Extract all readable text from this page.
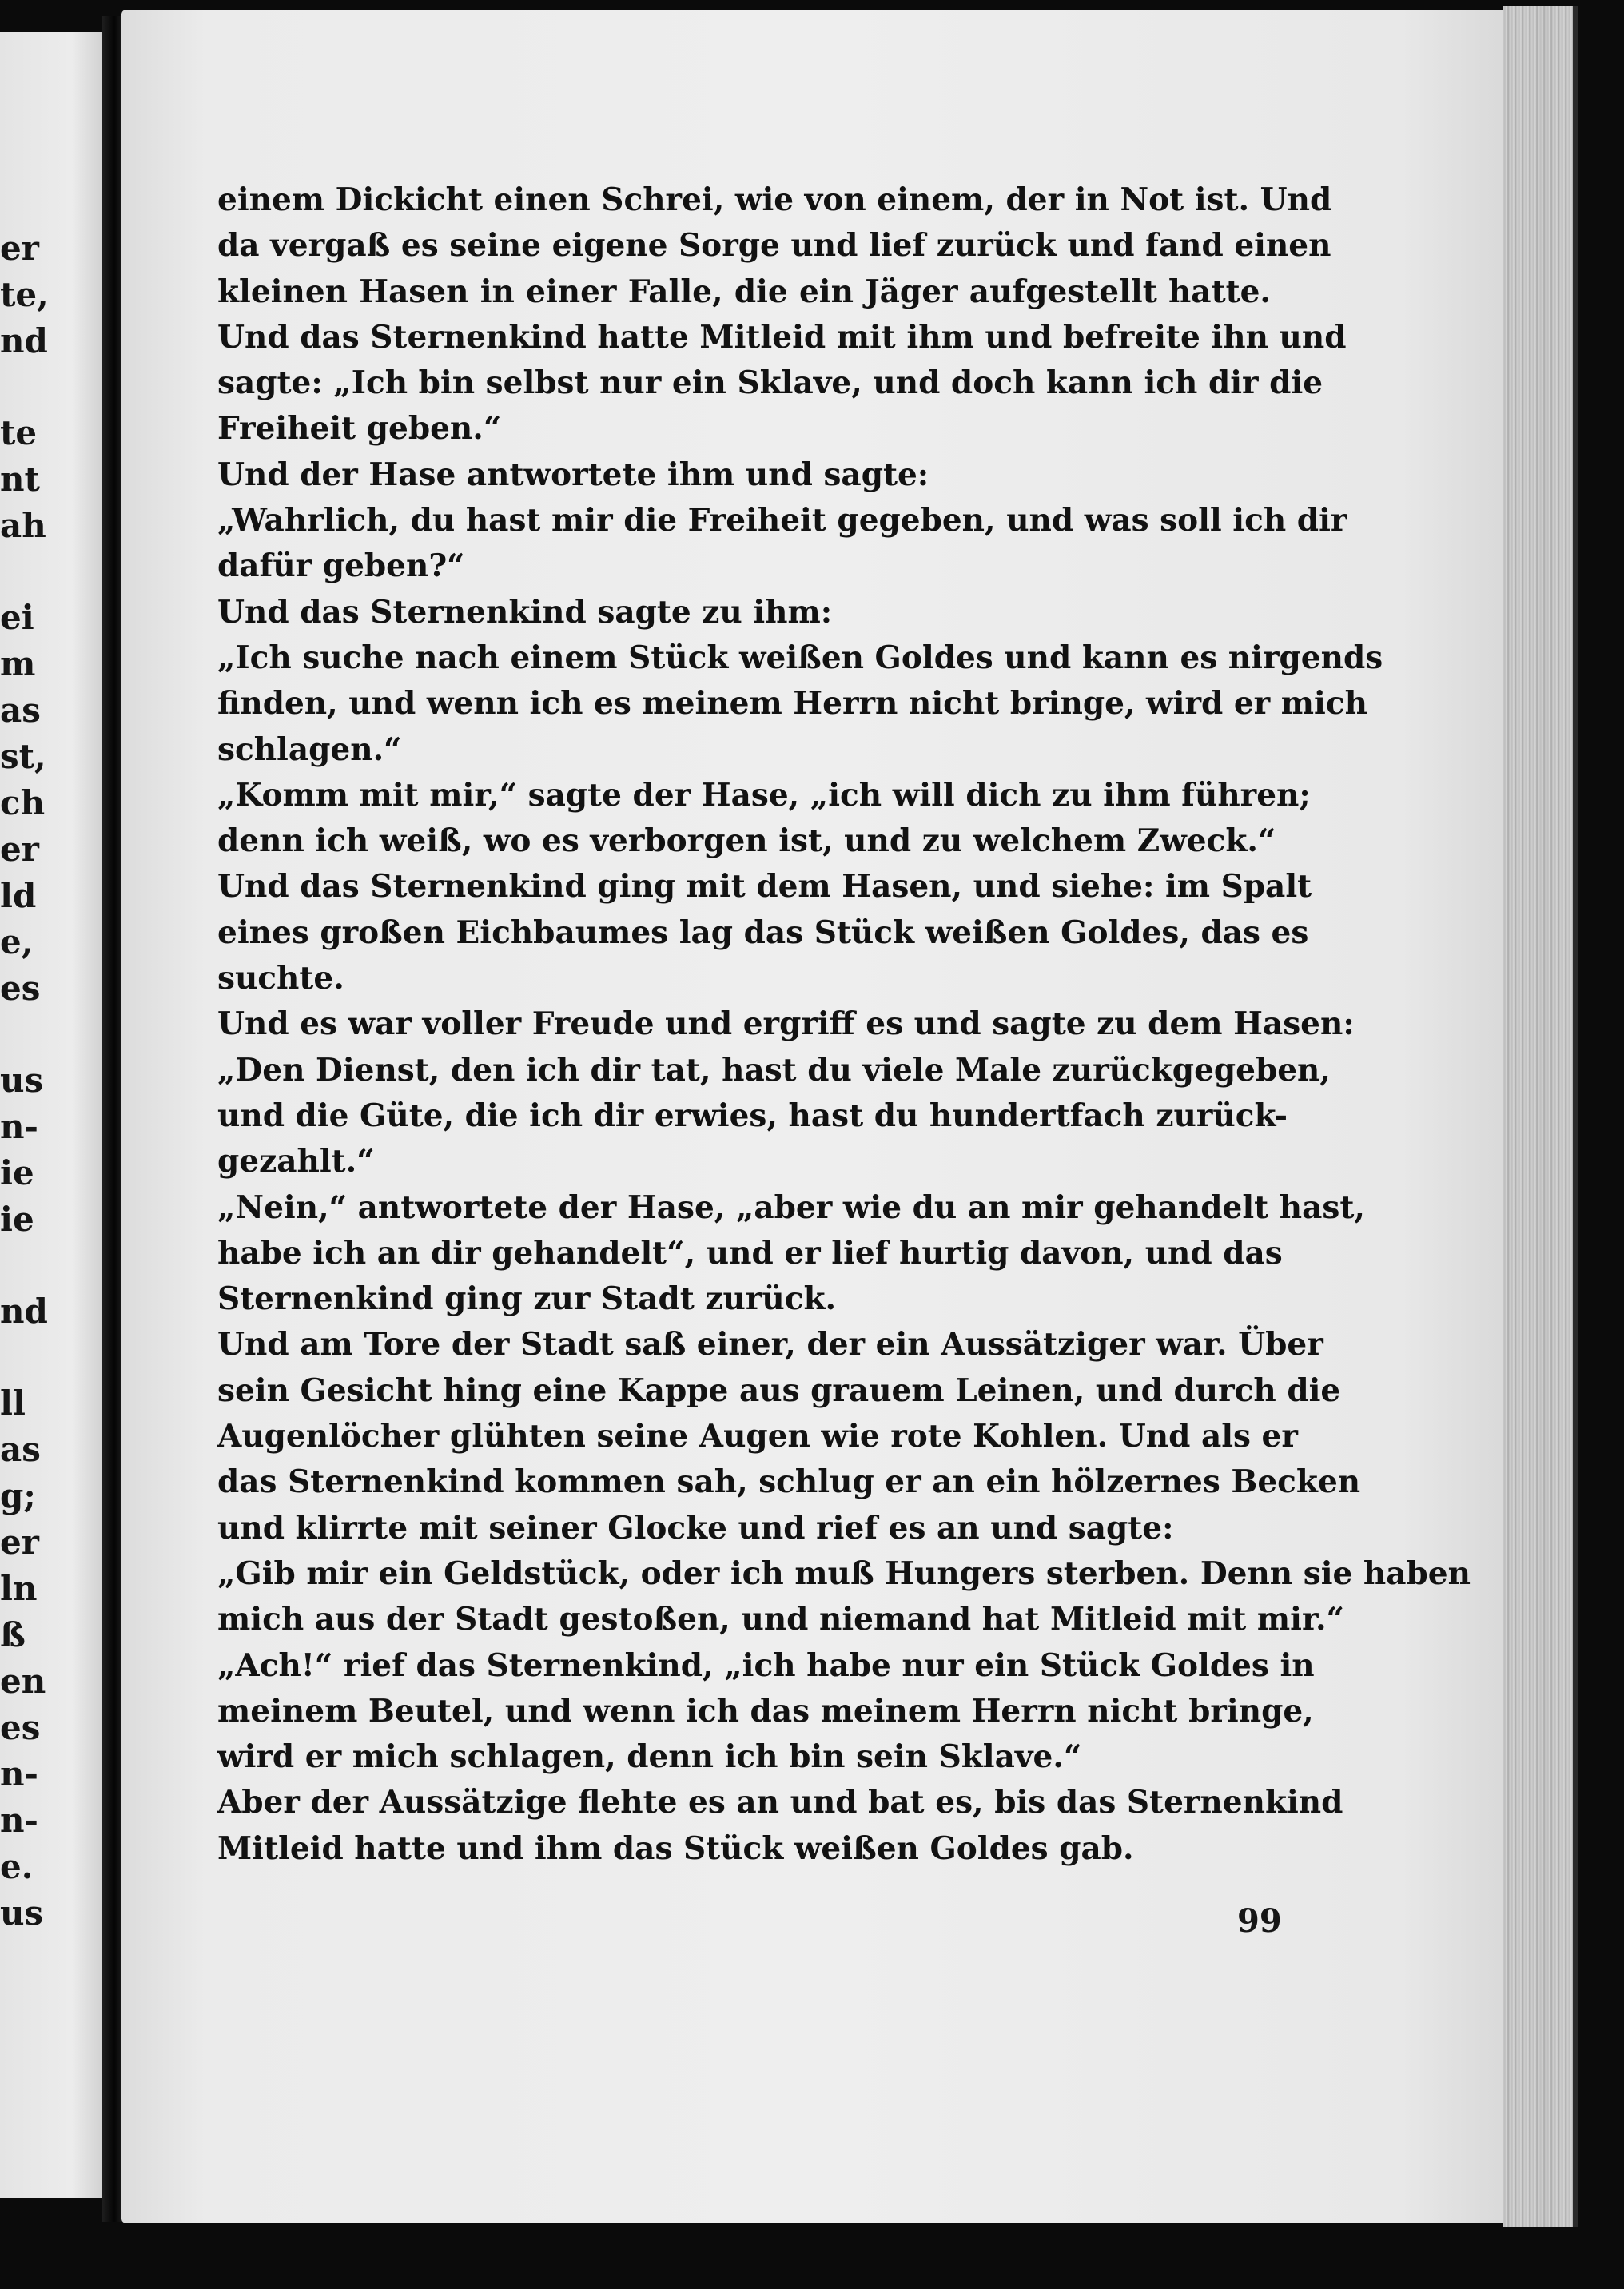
er
te,
nd
te
nt
ah
ei
m
as
st,
ch
er
ld
e,
es
us
n-
ie
ie
nd
ll
as
g;
er
ln
ß
en
es
n-
n-
e.
us
einem Dickicht einen Schrei, wie von einem, der in Not ist. Und
da vergaß es seine eigene Sorge und lief zurück und fand einen
kleinen Hasen in einer Falle, die ein Jäger aufgestellt hatte.
Und das Sternenkind hatte Mitleid mit ihm und befreite ihn und
sagte: „Ich bin selbst nur ein Sklave, und doch kann ich dir die
Freiheit geben.“
Und der Hase antwortete ihm und sagte:
„Wahrlich, du hast mir die Freiheit gegeben, und was soll ich dir
dafür geben?“
Und das Sternenkind sagte zu ihm:
„Ich suche nach einem Stück weißen Goldes und kann es nirgends
finden, und wenn ich es meinem Herrn nicht bringe, wird er mich
schlagen.“
„Komm mit mir,“ sagte der Hase, „ich will dich zu ihm führen;
denn ich weiß, wo es verborgen ist, und zu welchem Zweck.“
Und das Sternenkind ging mit dem Hasen, und siehe: im Spalt
eines großen Eichbaumes lag das Stück weißen Goldes, das es
suchte.
Und es war voller Freude und ergriff es und sagte zu dem Hasen:
„Den Dienst, den ich dir tat, hast du viele Male zurückgegeben,
und die Güte, die ich dir erwies, hast du hundertfach zurück-
gezahlt.“
„Nein,“ antwortete der Hase, „aber wie du an mir gehandelt hast,
habe ich an dir gehandelt“, und er lief hurtig davon, und das
Sternenkind ging zur Stadt zurück.
Und am Tore der Stadt saß einer, der ein Aussätziger war. Über
sein Gesicht hing eine Kappe aus grauem Leinen, und durch die
Augenlöcher glühten seine Augen wie rote Kohlen. Und als er
das Sternenkind kommen sah, schlug er an ein hölzernes Becken
und klirrte mit seiner Glocke und rief es an und sagte:
„Gib mir ein Geldstück, oder ich muß Hungers sterben. Denn sie haben
mich aus der Stadt gestoßen, und niemand hat Mitleid mit mir.“
„Ach!“ rief das Sternenkind, „ich habe nur ein Stück Goldes in
meinem Beutel, und wenn ich das meinem Herrn nicht bringe,
wird er mich schlagen, denn ich bin sein Sklave.“
Aber der Aussätzige flehte es an und bat es, bis das Sternenkind
Mitleid hatte und ihm das Stück weißen Goldes gab.
99
